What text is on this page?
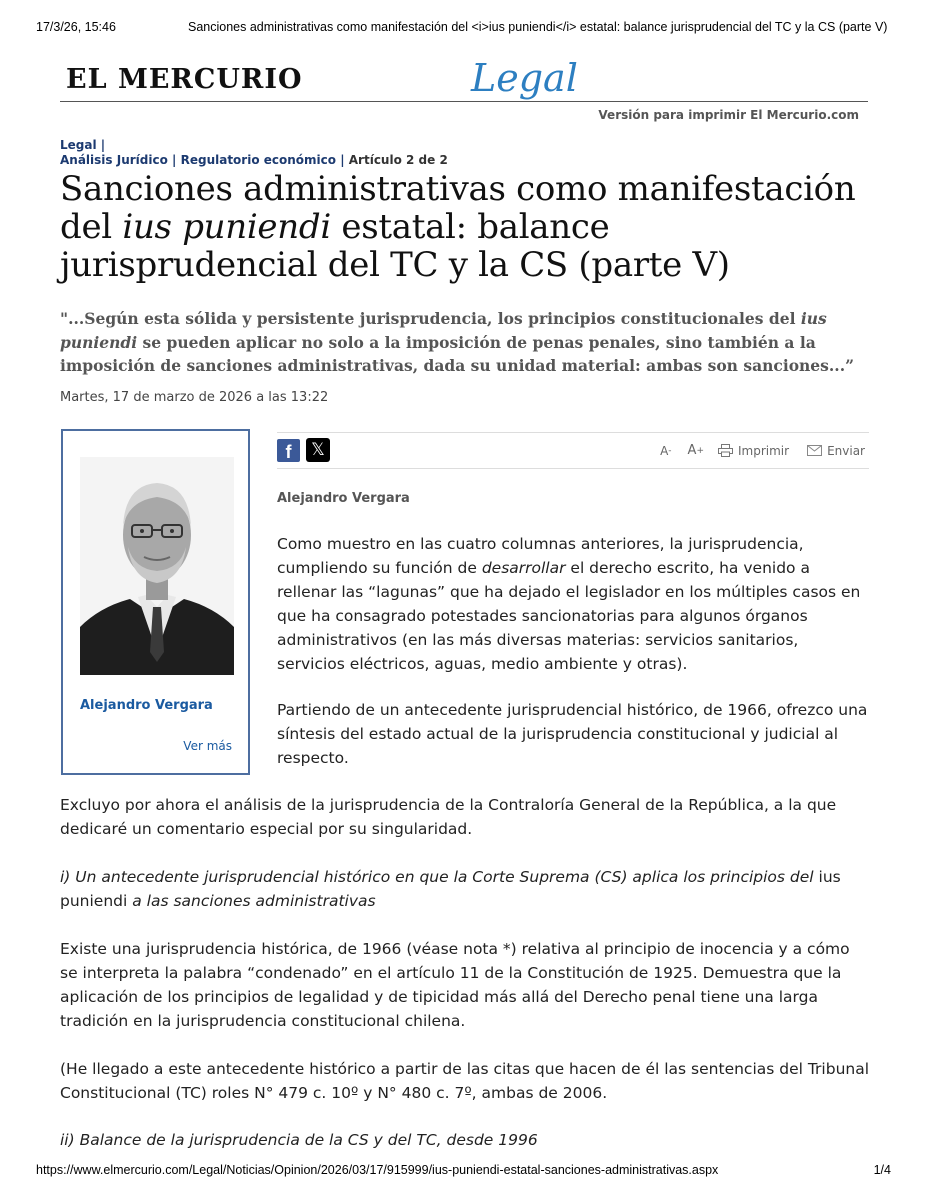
17/3/26, 15:46	Sanciones administrativas como manifestación del <i>ius puniendi</i> estatal: balance jurisprudencial del TC y la CS (parte V)
EL MERCURIO	Legal
Versión para imprimir El Mercurio.com
Legal |
Análisis Jurídico | Regulatorio económico | Artículo 2 de 2
Sanciones administrativas como manifestación del ius puniendi estatal: balance jurisprudencial del TC y la CS (parte V)
"...Según esta sólida y persistente jurisprudencia, los principios constitucionales del ius puniendi se pueden aplicar no solo a la imposición de penas penales, sino también a la imposición de sanciones administrativas, dada su unidad material: ambas son sanciones...”
Martes, 17 de marzo de 2026 a las 13:22
Alejandro Vergara
Ver más
f	𝕏	A - A +	Imprimir	Enviar
Alejandro Vergara

Como muestro en las cuatro columnas anteriores, la jurisprudencia, cumpliendo su función de desarrollar el derecho escrito, ha venido a rellenar las “lagunas” que ha dejado el legislador en los múltiples casos en que ha consagrado potestades sancionatorias para algunos órganos administrativos (en las más diversas materias: servicios sanitarios, servicios eléctricos, aguas, medio ambiente y otras).

Partiendo de un antecedente jurisprudencial histórico, de 1966, ofrezco una síntesis del estado actual de la jurisprudencia constitucional y judicial al respecto.

Excluyo por ahora el análisis de la jurisprudencia de la Contraloría General de la República, a la que dedicaré un comentario especial por su singularidad.

i) Un antecedente jurisprudencial histórico en que la Corte Suprema (CS) aplica los principios del ius puniendi a las sanciones administrativas

Existe una jurisprudencia histórica, de 1966 (véase nota *) relativa al principio de inocencia y a cómo se interpreta la palabra “condenado” en el artículo 11 de la Constitución de 1925. Demuestra que la aplicación de los principios de legalidad y de tipicidad más allá del Derecho penal tiene una larga tradición en la jurisprudencia constitucional chilena.

(He llegado a este antecedente histórico a partir de las citas que hacen de él las sentencias del Tribunal Constitucional (TC) roles N° 479 c. 10º y N° 480 c. 7º, ambas de 2006.

ii) Balance de la jurisprudencia de la CS y del TC, desde 1996

https://www.elmercurio.com/Legal/Noticias/Opinion/2026/03/17/915999/ius-puniendi-estatal-sanciones-administrativas.aspx	1/4
